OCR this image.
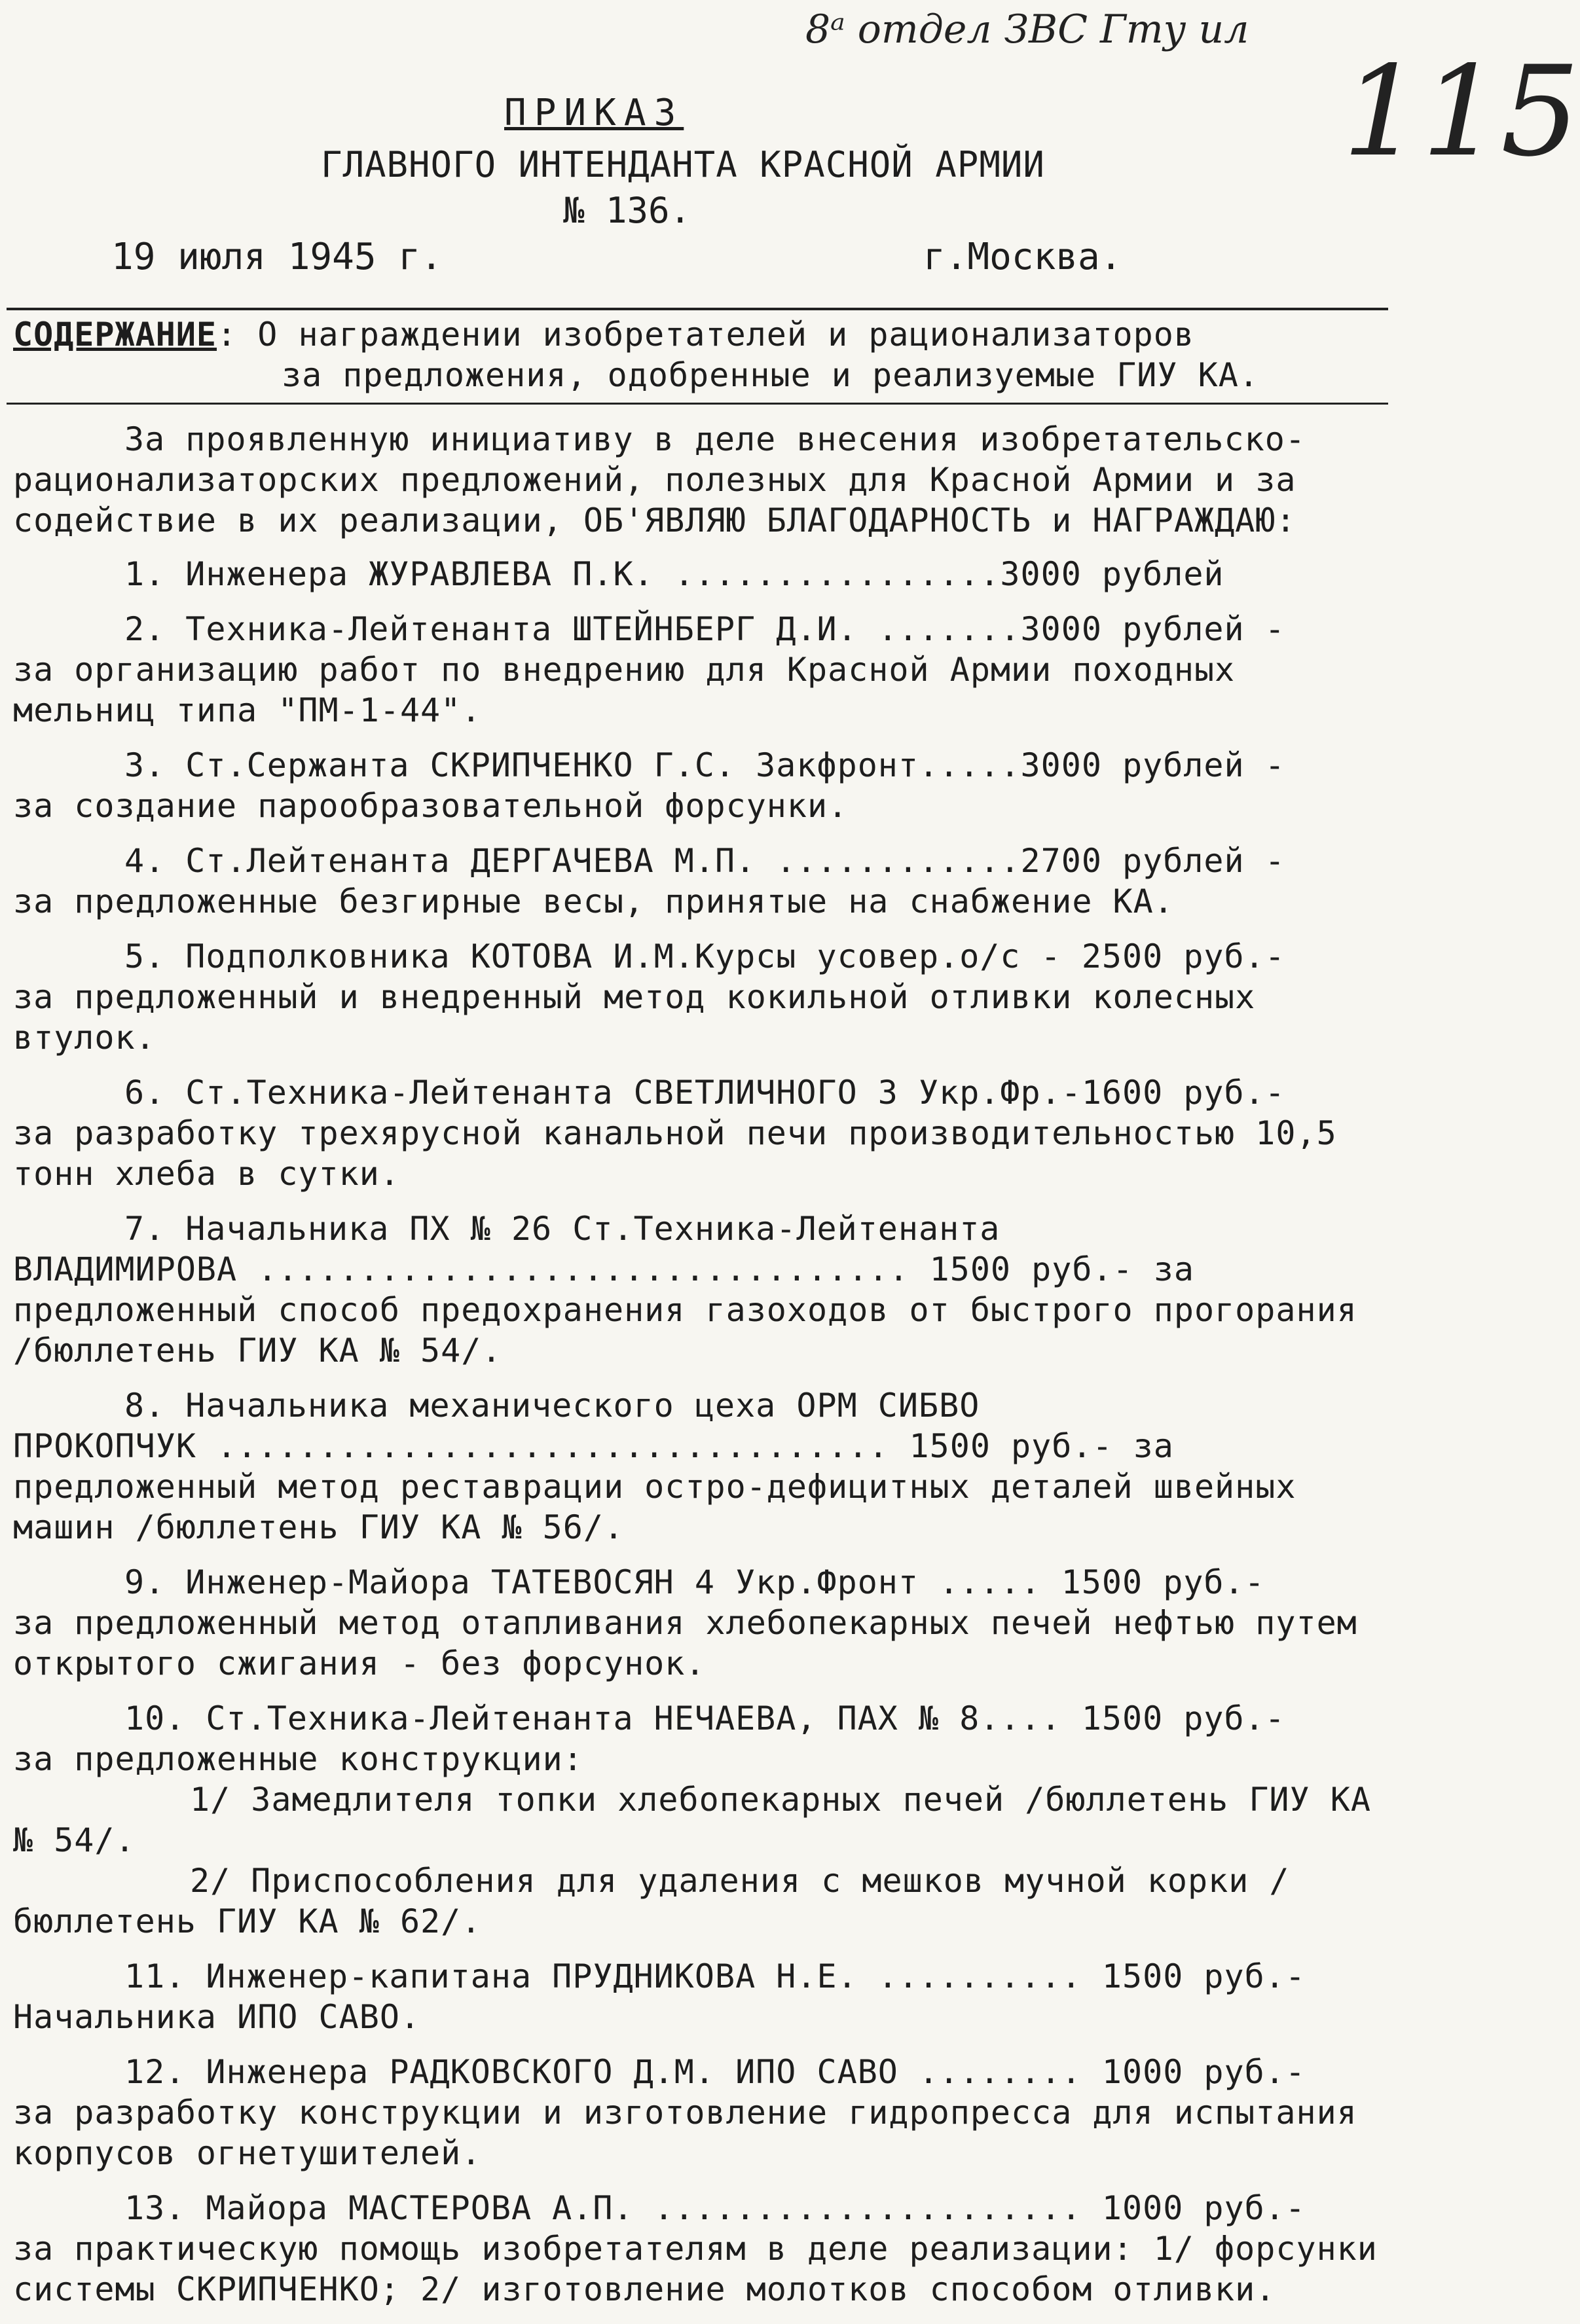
8ᵃ отдел ЗВС Гту ил
115
ПРИКАЗ
ГЛАВНОГО ИНТЕНДАНТА КРАСНОЙ АРМИИ
№ 136.
19 июля 1945 г.	г.Москва.
СОДЕРЖАНИЕ: О награждении изобретателей и рационализаторов
за предложения, одобренные и реализуемые ГИУ КА.

За проявленную инициативу в деле внесения изобретательско-рационализаторских предложений, полезных для Красной Армии и за содействие в их реализации, ОБ'ЯВЛЯЮ БЛАГОДАРНОСТЬ и НАГРАЖДАЮ:

1. Инженера ЖУРАВЛЕВА П.К. ................3000 рублей
2. Техника-Лейтенанта ШТЕЙНБЕРГ Д.И. .......3000 рублей -
за организацию работ по внедрению для Красной Армии походных мельниц типа "ПМ-1-44".
3. Ст.Сержанта СКРИПЧЕНКО Г.С. Закфронт.....3000 рублей -
за создание парообразовательной форсунки.
4. Ст.Лейтенанта ДЕРГАЧЕВА М.П. ............2700 рублей -
за предложенные безгирные весы, принятые на снабжение КА.
5. Подполковника КОТОВА И.М.Курсы усовер.о/с - 2500 руб.-
за предложенный и внедренный метод кокильной отливки колесных втулок.
6. Ст.Техника-Лейтенанта СВЕТЛИЧНОГО 3 Укр.Фр.-1600 руб.-
за разработку трехярусной канальной печи производительностью 10,5 тонн хлеба в сутки.
7. Начальника ПХ № 26 Ст.Техника-Лейтенанта
ВЛАДИМИРОВА ................................ 1500 руб.- за предложенный способ предохранения газоходов от быстрого прогорания /бюллетень ГИУ КА № 54/.
8. Начальника механического цеха ОРМ СИБВО
ПРОКОПЧУК ................................. 1500 руб.- за предложенный метод реставрации остро-дефицитных деталей швейных машин /бюллетень ГИУ КА № 56/.
9. Инженер-Майора ТАТЕВОСЯН 4 Укр.Фронт ..... 1500 руб.-
за предложенный метод отапливания хлебопекарных печей нефтью путем открытого сжигания - без форсунок.
10. Ст.Техника-Лейтенанта НЕЧАЕВА, ПАХ № 8.... 1500 руб.-
за предложенные конструкции:
1/ Замедлителя топки хлебопекарных печей /бюллетень ГИУ КА № 54/.
2/ Приспособления для удаления с мешков мучной корки /бюллетень ГИУ КА № 62/.
11. Инженер-капитана ПРУДНИКОВА Н.Е. .......... 1500 руб.-
Начальника ИПО САВО.
12. Инженера РАДКОВСКОГО Д.М. ИПО САВО ........ 1000 руб.-
за разработку конструкции и изготовление гидропресса для испытания корпусов огнетушителей.
13. Майора МАСТЕРОВА А.П. ..................... 1000 руб.-
за практическую помощь изобретателям в деле реализации: 1/ форсунки системы СКРИПЧЕНКО; 2/ изготовление молотков способом отливки.
